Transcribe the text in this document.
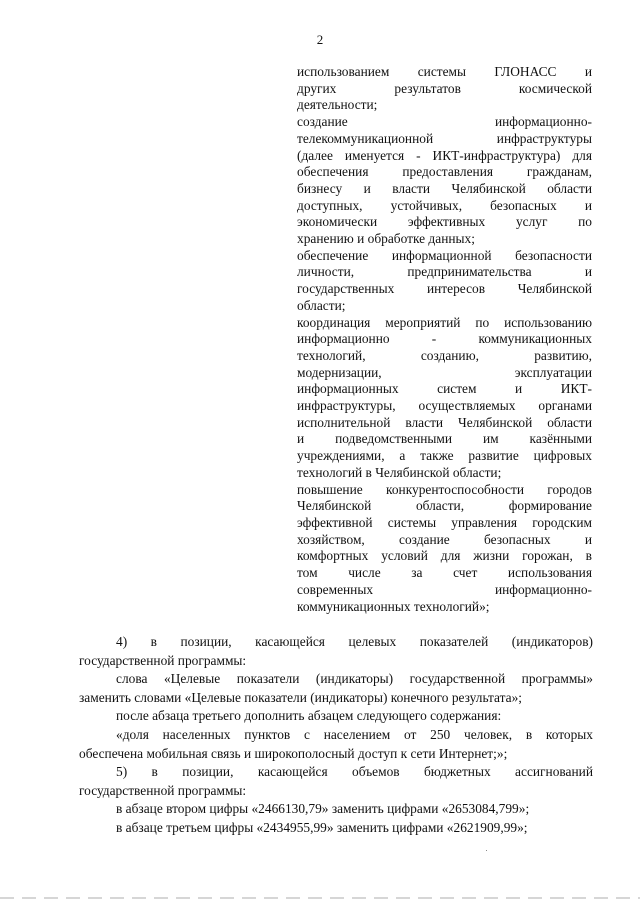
2
использованием системы ГЛОНАСС и
других результатов космической
деятельности;
создание информационно-
телекоммуникационной инфраструктуры
(далее именуется - ИКТ-инфраструктура) для
обеспечения предоставления гражданам,
бизнесу и власти Челябинской области
доступных, устойчивых, безопасных и
экономически эффективных услуг по
хранению и обработке данных;
обеспечение информационной безопасности
личности, предпринимательства и
государственных интересов Челябинской
области;
координация мероприятий по использованию
информационно - коммуникационных
технологий, созданию, развитию,
модернизации, эксплуатации
информационных систем и ИКТ-
инфраструктуры, осуществляемых органами
исполнительной власти Челябинской области
и подведомственными им казёнными
учреждениями, а также развитие цифровых
технологий в Челябинской области;
повышение конкурентоспособности городов
Челябинской области, формирование
эффективной системы управления городским
хозяйством, создание безопасных и
комфортных условий для жизни горожан, в
том числе за счет использования
современных информационно-
коммуникационных технологий»;
4) в позиции, касающейся целевых показателей (индикаторов)
государственной программы:
слова «Целевые показатели (индикаторы) государственной программы»
заменить словами «Целевые показатели (индикаторы) конечного результата»;
после абзаца третьего дополнить абзацем следующего содержания:
«доля населенных пунктов с населением от 250 человек, в которых
обеспечена мобильная связь и широкополосный доступ к сети Интернет;»;
5) в позиции, касающейся объемов бюджетных ассигнований
государственной программы:
в абзаце втором цифры «2466130,79» заменить цифрами «2653084,799»;
в абзаце третьем цифры «2434955,99» заменить цифрами «2621909,99»;
